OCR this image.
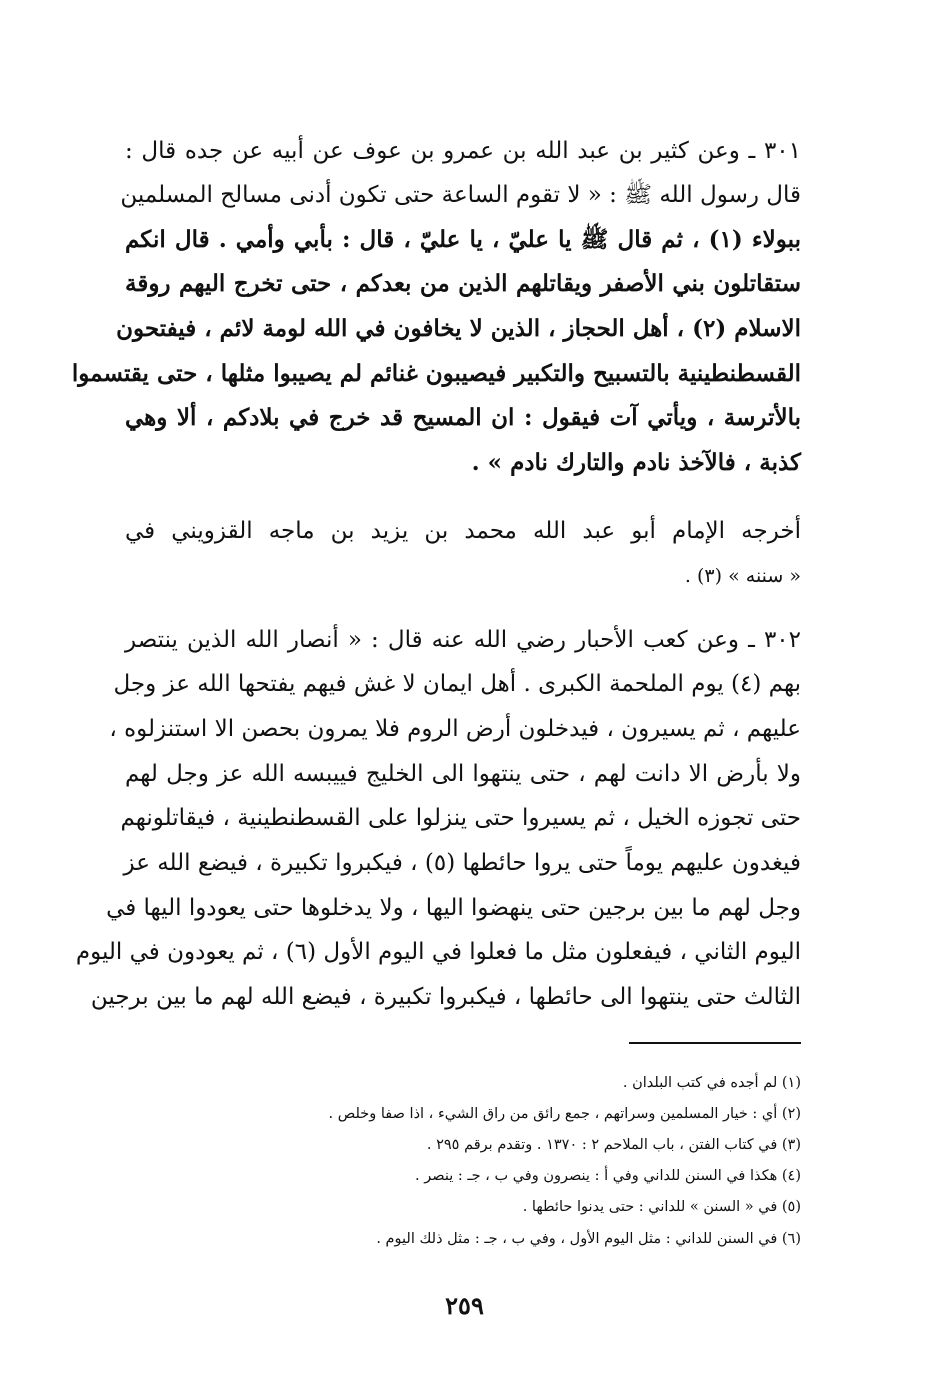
٣٠١ ـ وعن كثير بن عبد الله بن عمرو بن عوف عن أبيه عن جده قال :
قال رسول الله ﷺ : « لا تقوم الساعة حتى تكون أدنى مسالح المسلمين
ببولاء (١) ، ثم قال ﷺ يا عليّ ، يا عليّ ، قال : بأبي وأمي . قال انكم
ستقاتلون بني الأصفر ويقاتلهم الذين من بعدكم ، حتى تخرج اليهم روقة
الاسلام (٢) ، أهل الحجاز ، الذين لا يخافون في الله لومة لائم ، فيفتحون
القسطنطينية بالتسبيح والتكبير فيصيبون غنائم لم يصيبوا مثلها ، حتى يقتسموا
بالأترسة ، ويأتي آت فيقول : ان المسيح قد خرج في بلادكم ، ألا وهي
كذبة ، فالآخذ نادم والتارك نادم » .
أخرجه الإمام أبو عبد الله محمد بن يزيد بن ماجه القزويني في
« سننه » (٣) .
٣٠٢ ـ وعن كعب الأحبار رضي الله عنه قال : « أنصار الله الذين ينتصر
بهم (٤) يوم الملحمة الكبرى . أهل ايمان لا غش فيهم يفتحها الله عز وجل
عليهم ، ثم يسيرون ، فيدخلون أرض الروم فلا يمرون بحصن الا استنزلوه ،
ولا بأرض الا دانت لهم ، حتى ينتهوا الى الخليج فييبسه الله عز وجل لهم
حتى تجوزه الخيل ، ثم يسيروا حتى ينزلوا على القسطنطينية ، فيقاتلونهم
فيغدون عليهم يوماً حتى يروا حائطها (٥) ، فيكبروا تكبيرة ، فيضع الله عز
وجل لهم ما بين برجين حتى ينهضوا اليها ، ولا يدخلوها حتى يعودوا اليها في
اليوم الثاني ، فيفعلون مثل ما فعلوا في اليوم الأول (٦) ، ثم يعودون في اليوم
الثالث حتى ينتهوا الى حائطها ، فيكبروا تكبيرة ، فيضع الله لهم ما بين برجين
(١) لم أجده في كتب البلدان .
(٢) أي : خيار المسلمين وسراتهم ، جمع رائق من راق الشيء ، اذا صفا وخلص .
(٣) في كتاب الفتن ، باب الملاحم ٢ : ١٣٧٠ . وتقدم برقم ٢٩٥ .
(٤) هكذا في السنن للداني وفي أ : ينصرون وفي ب ، جـ : ينصر .
(٥) في « السنن » للداني : حتى يدنوا حائطها .
(٦) في السنن للداني : مثل اليوم الأول ، وفي ب ، جـ : مثل ذلك اليوم .
٢٥٩
